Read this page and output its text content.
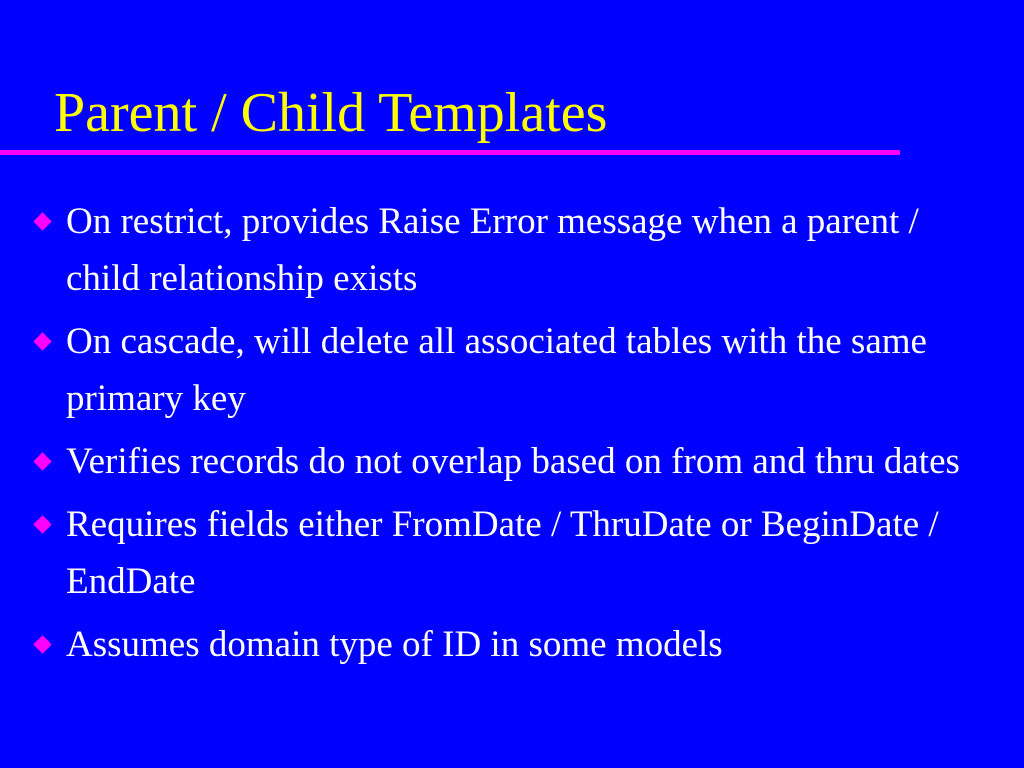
Parent / Child Templates
On restrict, provides Raise Error message when a parent / child relationship exists
On cascade, will delete all associated tables with the same primary key
Verifies records do not overlap based on from and thru dates
Requires fields either FromDate / ThruDate or BeginDate / EndDate
Assumes domain type of ID in some models
